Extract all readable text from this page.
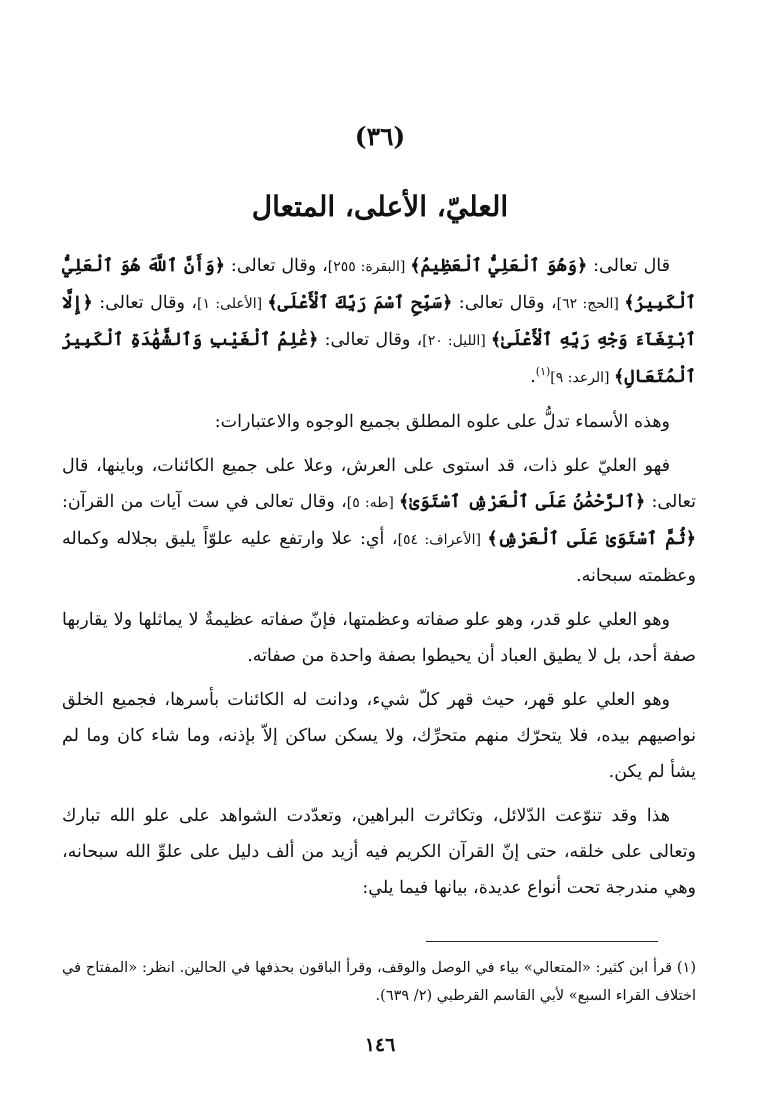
(٣٦)
العليّ، الأعلى، المتعال

قال تعالى: ﴿وَهُوَ ٱلْعَلِيُّ ٱلْعَظِيمُ﴾ [البقرة: ٢٥٥]، وقال تعالى: ﴿وَأَنَّ ٱللَّهَ هُوَ ٱلْعَلِيُّ ٱلْكَبِيرُ﴾ [الحج: ٦٢]، وقال تعالى: ﴿سَبِّحِ ٱسْمَ رَبِّكَ ٱلْأَعْلَى﴾ [الأعلى: ١]، وقال تعالى: ﴿إِلَّا ٱبْتِغَآءَ وَجْهِ رَبِّهِ ٱلْأَعْلَىٰ﴾ [الليل: ٢٠]، وقال تعالى: ﴿عَٰلِمُ ٱلْغَيْبِ وَٱلشَّهَٰدَةِ ٱلْكَبِيرُ ٱلْمُتَعَالِ﴾ [الرعد: ٩]$^{(١)}$.

وهذه الأسماء تدلُّ على علوه المطلق بجميع الوجوه والاعتبارات:

فهو العليّ علو ذات، قد استوى على العرش، وعلا على جميع الكائنات، وباينها، قال تعالى: ﴿ٱلرَّحْمَٰنُ عَلَى ٱلْعَرْشِ ٱسْتَوَىٰ﴾ [طه: ٥]، وقال تعالى في ست آيات من القرآن: ﴿ثُمَّ ٱسْتَوَىٰ عَلَى ٱلْعَرْشِ﴾ [الأعراف: ٥٤]، أي: علا وارتفع عليه علوّاً يليق بجلاله وكماله وعظمته سبحانه.

وهو العلي علو قدر، وهو علو صفاته وعظمتها، فإنّ صفاته عظيمةٌ لا يماثلها ولا يقاربها صفة أحد، بل لا يطيق العباد أن يحيطوا بصفة واحدة من صفاته.

وهو العلي علو قهر، حيث قهر كلّ شيء، ودانت له الكائنات بأسرها، فجميع الخلق نواصيهم بيده، فلا يتحرّك منهم متحرِّك، ولا يسكن ساكن إلاّ بإذنه، وما شاء كان وما لم يشأ لم يكن.

هذا وقد تنوّعت الدّلائل، وتكاثرت البراهين، وتعدّدت الشواهد على علو الله تبارك وتعالى على خلقه، حتى إنّ القرآن الكريم فيه أزيد من ألف دليل على علوِّ الله سبحانه، وهي مندرجة تحت أنواع عديدة، بيانها فيما يلي:

(١) قرأ ابن كثير: «المتعالي» بياء في الوصل والوقف، وقرأ الباقون بحذفها في الحالين. انظر: «المفتاح في اختلاف القراء السبع» لأبي القاسم القرطبي (٢/ ٦٣٩).
١٤٦
